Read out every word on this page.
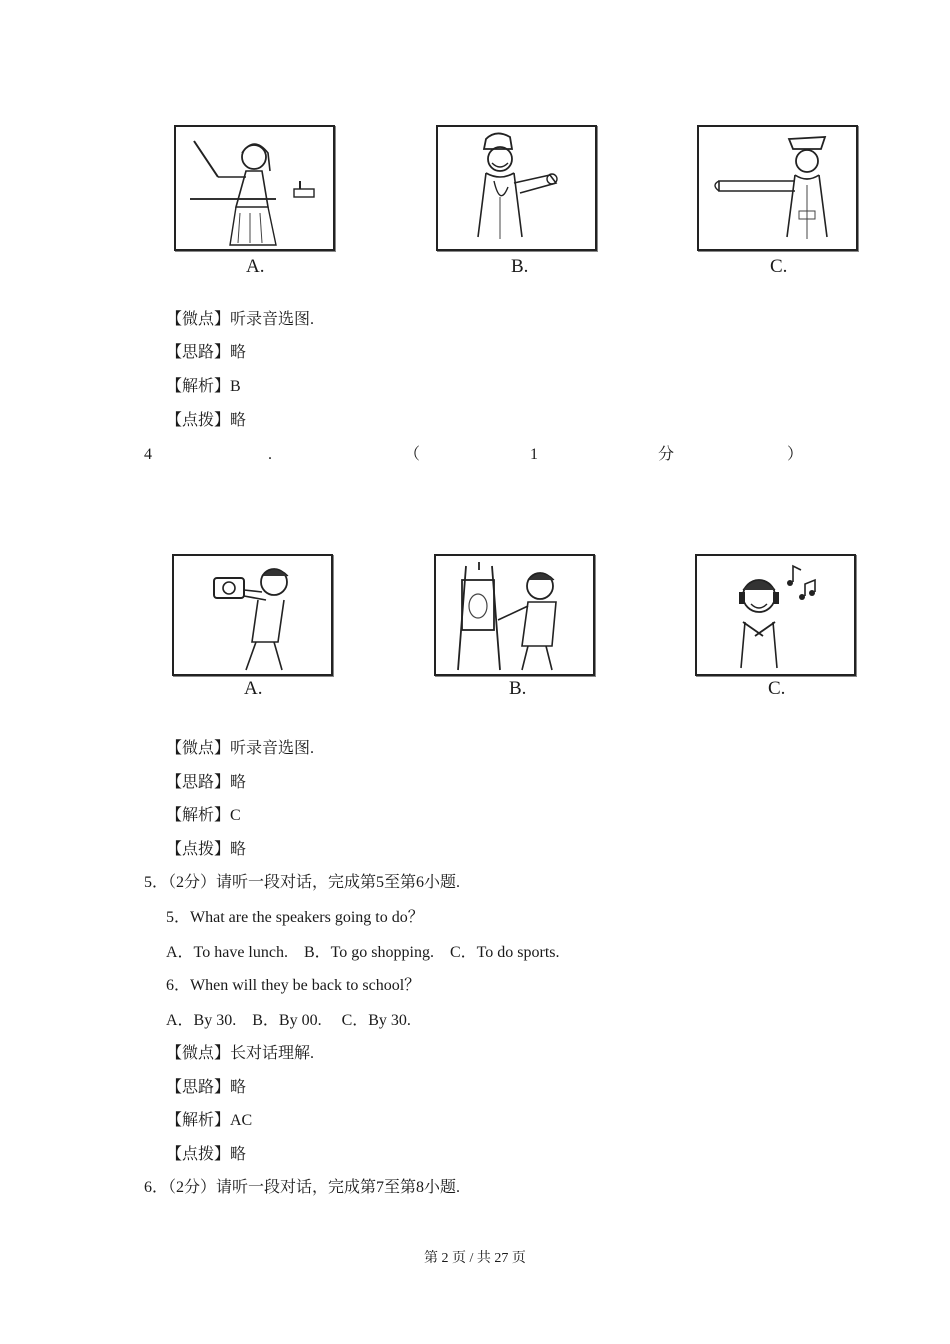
A.	B.	C.
【微点】听录音选图.
【思路】略
【解析】B
【点拨】略
4	.	（	1	分	）
A.	B.	C.
【微点】听录音选图.
【思路】略
【解析】C
【点拨】略
5．（2分）请听一段对话，完成第5至第6小题.
5．What are the speakers going to do？
A．To have lunch.    B．To go shopping.    C．To do sports.
6．When will they be back to school？
A．By 30.    B．By 00.     C．By 30.
【微点】长对话理解.
【思路】略
【解析】AC
【点拨】略
6．（2分）请听一段对话，完成第7至第8小题.
第 2 页 / 共 27 页
